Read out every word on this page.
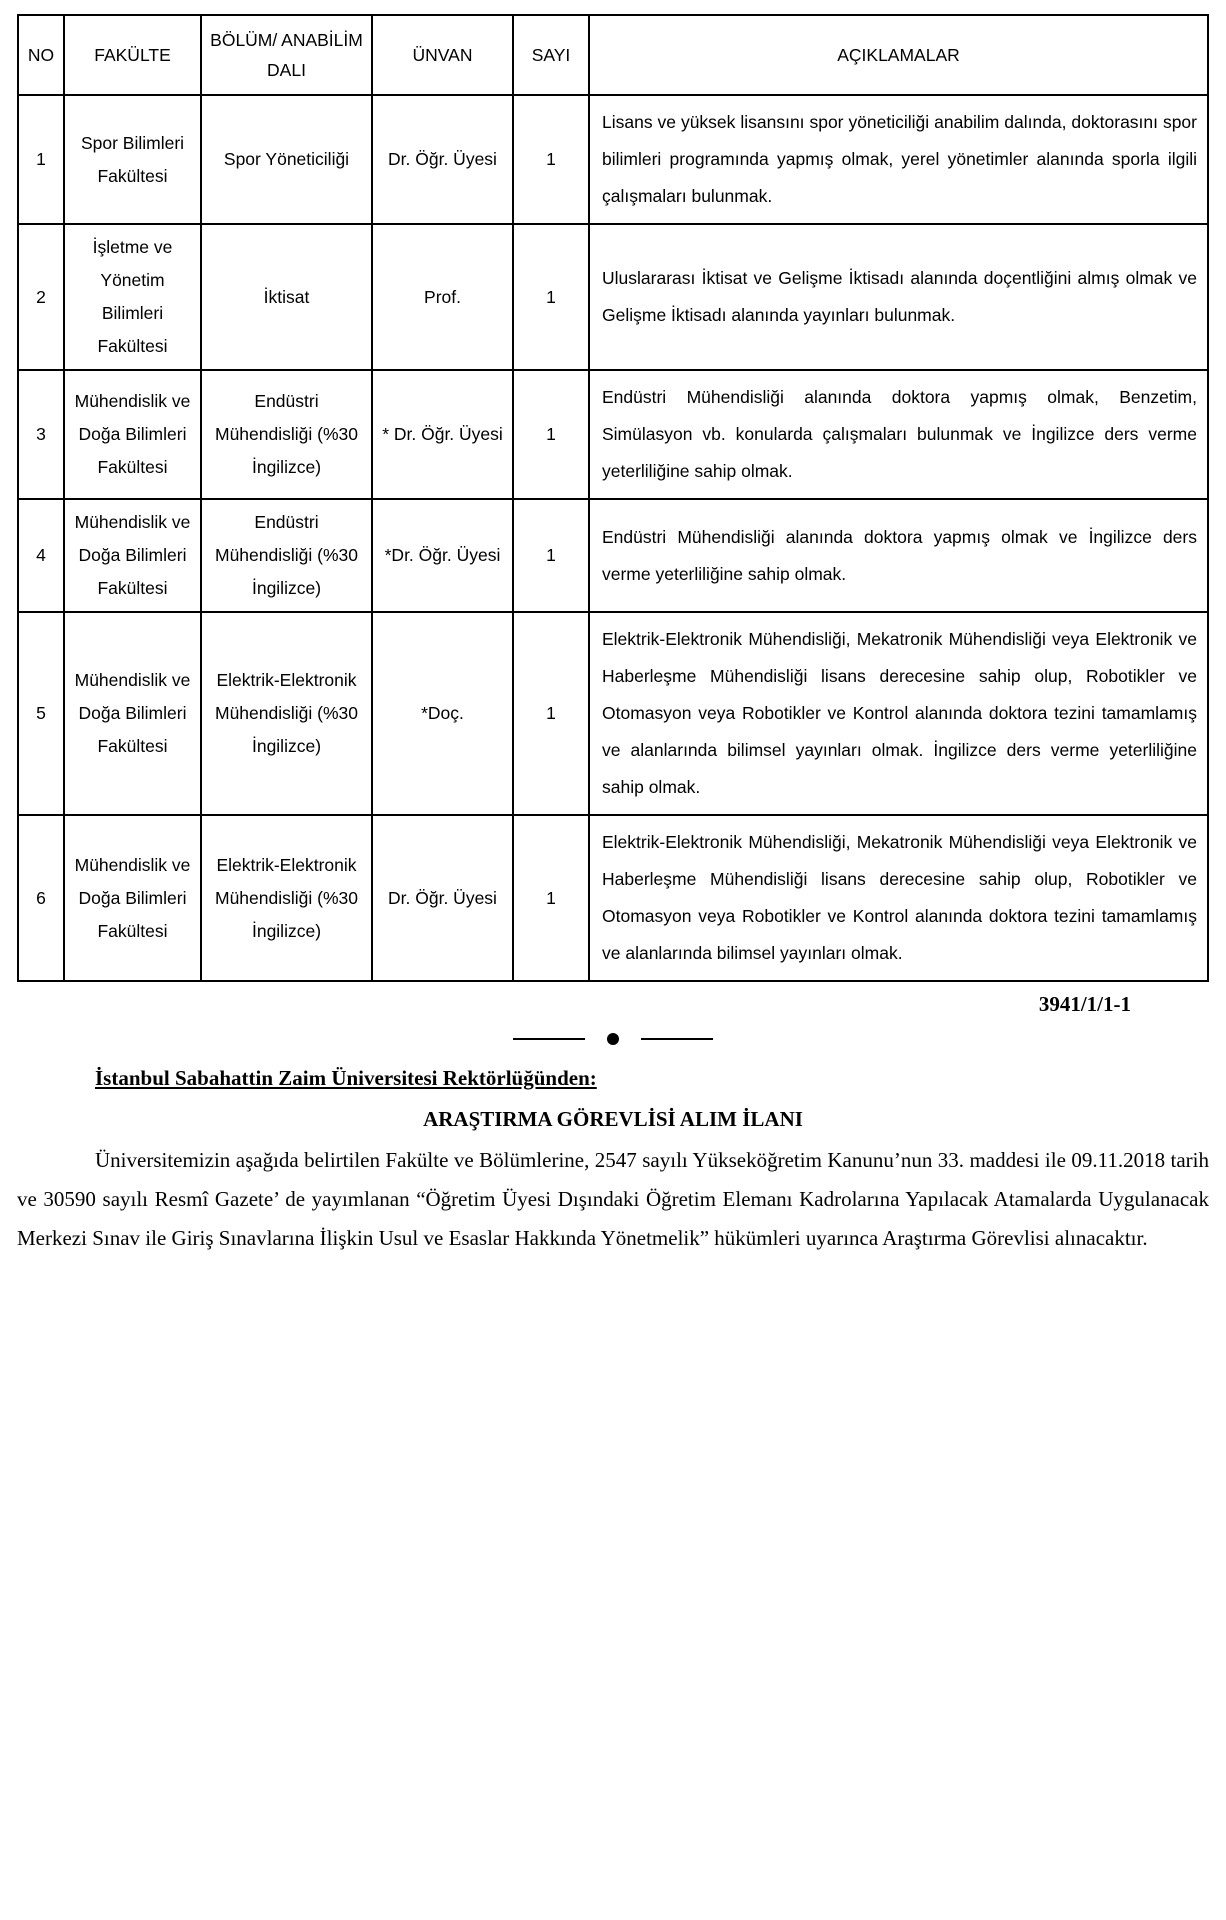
NO	FAKÜLTE	BÖLÜM/ ANABİLİM DALI	ÜNVAN	SAYI	AÇIKLAMALAR
1	Spor Bilimleri Fakültesi	Spor Yöneticiliği	Dr. Öğr. Üyesi	1	Lisans ve yüksek lisansını spor yöneticiliği anabilim dalında, doktorasını spor bilimleri programında yapmış olmak, yerel yönetimler alanında sporla ilgili çalışmaları bulunmak.
2	İşletme ve Yönetim Bilimleri Fakültesi	İktisat	Prof.	1	Uluslararası İktisat ve Gelişme İktisadı alanında doçentliğini almış olmak ve Gelişme İktisadı alanında yayınları bulunmak.
3	Mühendislik ve Doğa Bilimleri Fakültesi	Endüstri Mühendisliği (%30 İngilizce)	* Dr. Öğr. Üyesi	1	Endüstri Mühendisliği alanında doktora yapmış olmak, Benzetim, Simülasyon vb. konularda çalışmaları bulunmak ve İngilizce ders verme yeterliliğine sahip olmak.
4	Mühendislik ve Doğa Bilimleri Fakültesi	Endüstri Mühendisliği (%30 İngilizce)	*Dr. Öğr. Üyesi	1	Endüstri Mühendisliği alanında doktora yapmış olmak ve İngilizce ders verme yeterliliğine sahip olmak.
5	Mühendislik ve Doğa Bilimleri Fakültesi	Elektrik-Elektronik Mühendisliği (%30 İngilizce)	*Doç.	1	Elektrik-Elektronik Mühendisliği, Mekatronik Mühendisliği veya Elektronik ve Haberleşme Mühendisliği lisans derecesine sahip olup, Robotikler ve Otomasyon veya Robotikler ve Kontrol alanında doktora tezini tamamlamış ve alanlarında bilimsel yayınları olmak. İngilizce ders verme yeterliliğine sahip olmak.
6	Mühendislik ve Doğa Bilimleri Fakültesi	Elektrik-Elektronik Mühendisliği (%30 İngilizce)	Dr. Öğr. Üyesi	1	Elektrik-Elektronik Mühendisliği, Mekatronik Mühendisliği veya Elektronik ve Haberleşme Mühendisliği lisans derecesine sahip olup, Robotikler ve Otomasyon veya Robotikler ve Kontrol alanında doktora tezini tamamlamış ve alanlarında bilimsel yayınları olmak.
3941/1/1-1

İstanbul Sabahattin Zaim Üniversitesi Rektörlüğünden:

ARAŞTIRMA GÖREVLİSİ ALIM İLANI

Üniversitemizin aşağıda belirtilen Fakülte ve Bölümlerine, 2547 sayılı Yükseköğretim Kanunu’nun 33. maddesi ile 09.11.2018 tarih ve 30590 sayılı Resmî Gazete’ de yayımlanan “Öğretim Üyesi Dışındaki Öğretim Elemanı Kadrolarına Yapılacak Atamalarda Uygulanacak Merkezi Sınav ile Giriş Sınavlarına İlişkin Usul ve Esaslar Hakkında Yönetmelik” hükümleri uyarınca Araştırma Görevlisi alınacaktır.
